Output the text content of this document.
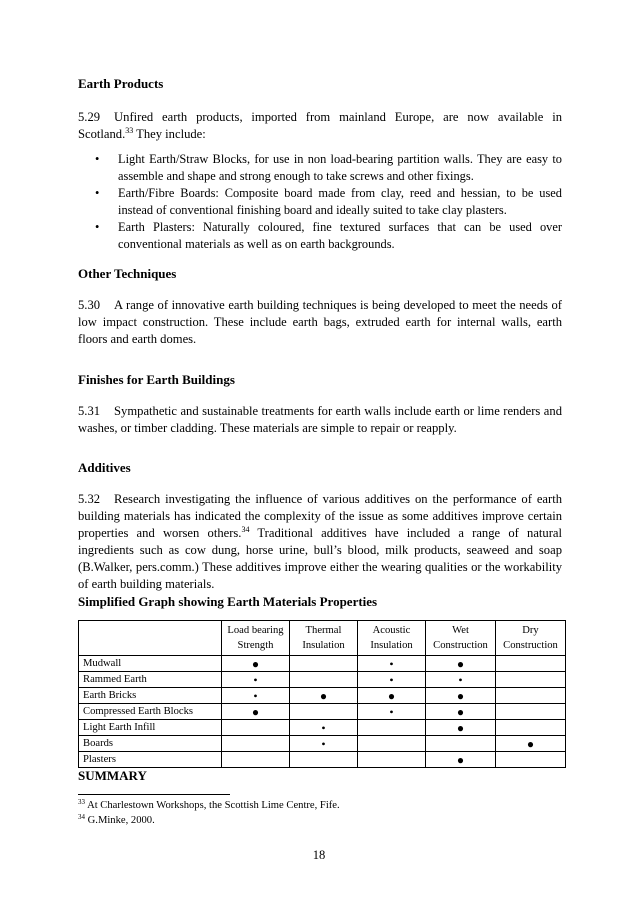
Earth Products
5.29 Unfired earth products, imported from mainland Europe, are now available in Scotland.$^{33}$ They include:
• Light Earth/Straw Blocks, for use in non load-bearing partition walls. They are easy to assemble and shape and strong enough to take screws and other fixings.
• Earth/Fibre Boards: Composite board made from clay, reed and hessian, to be used instead of conventional finishing board and ideally suited to take clay plasters.
• Earth Plasters: Naturally coloured, fine textured surfaces that can be used over conventional materials as well as on earth backgrounds.
Other Techniques
5.30 A range of innovative earth building techniques is being developed to meet the needs of low impact construction. These include earth bags, extruded earth for internal walls, earth floors and earth domes.
Finishes for Earth Buildings
5.31 Sympathetic and sustainable treatments for earth walls include earth or lime renders and washes, or timber cladding. These materials are simple to repair or reapply.
Additives
5.32 Research investigating the influence of various additives on the performance of earth building materials has indicated the complexity of the issue as some additives improve certain properties and worsen others.$^{34}$ Traditional additives have included a range of natural ingredients such as cow dung, horse urine, bull’s blood, milk products, seaweed and soap (B.Walker, pers.comm.) These additives improve either the wearing qualities or the workability of earth building materials.
Simplified Graph showing Earth Materials Properties
	Load bearing Strength	Thermal Insulation	Acoustic Insulation	Wet Construction	Dry Construction
Mudwall	●		•	●	
Rammed Earth	•		•	•	
Earth Bricks	•	●	●	●	
Compressed Earth Blocks	●		•	●	
Light Earth Infill		•		●	
Boards		•			●
Plasters				●	
SUMMARY
$^{33}$ At Charlestown Workshops, the Scottish Lime Centre, Fife.
$^{34}$ G.Minke, 2000.
18
